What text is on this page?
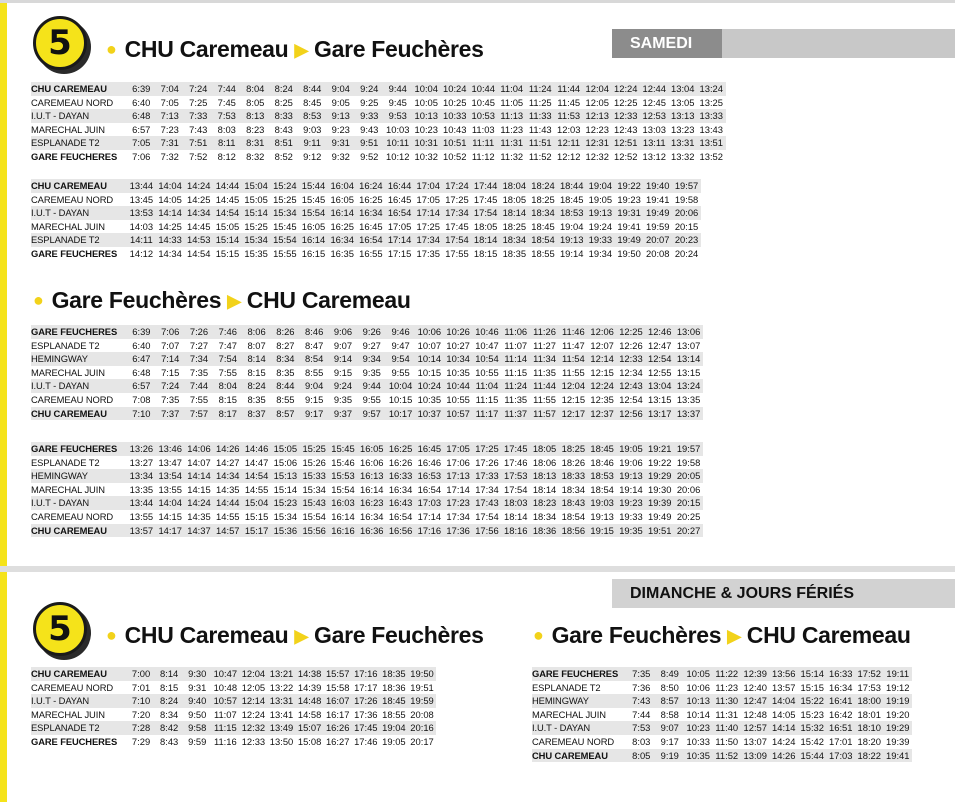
5 ● CHU Caremeau ▶ Gare Feuchères	SAMEDI
CHU CAREMEAU	6:39	7:04	7:24	7:44	8:04	8:24	8:44	9:04	9:24	9:44	10:04	10:24	10:44	11:04	11:24	11:44	12:04	12:24	12:44	13:04	13:24
CAREMEAU NORD	6:40	7:05	7:25	7:45	8:05	8:25	8:45	9:05	9:25	9:45	10:05	10:25	10:45	11:05	11:25	11:45	12:05	12:25	12:45	13:05	13:25
I.U.T - DAYAN	6:48	7:13	7:33	7:53	8:13	8:33	8:53	9:13	9:33	9:53	10:13	10:33	10:53	11:13	11:33	11:53	12:13	12:33	12:53	13:13	13:33
MARECHAL JUIN	6:57	7:23	7:43	8:03	8:23	8:43	9:03	9:23	9:43	10:03	10:23	10:43	11:03	11:23	11:43	12:03	12:23	12:43	13:03	13:23	13:43
ESPLANADE T2	7:05	7:31	7:51	8:11	8:31	8:51	9:11	9:31	9:51	10:11	10:31	10:51	11:11	11:31	11:51	12:11	12:31	12:51	13:11	13:31	13:51
GARE FEUCHERES	7:06	7:32	7:52	8:12	8:32	8:52	9:12	9:32	9:52	10:12	10:32	10:52	11:12	11:32	11:52	12:12	12:32	12:52	13:12	13:32	13:52
CHU CAREMEAU	13:44	14:04	14:24	14:44	15:04	15:24	15:44	16:04	16:24	16:44	17:04	17:24	17:44	18:04	18:24	18:44	19:04	19:22	19:40	19:57
CAREMEAU NORD	13:45	14:05	14:25	14:45	15:05	15:25	15:45	16:05	16:25	16:45	17:05	17:25	17:45	18:05	18:25	18:45	19:05	19:23	19:41	19:58
I.U.T - DAYAN	13:53	14:14	14:34	14:54	15:14	15:34	15:54	16:14	16:34	16:54	17:14	17:34	17:54	18:14	18:34	18:53	19:13	19:31	19:49	20:06
MARECHAL JUIN	14:03	14:25	14:45	15:05	15:25	15:45	16:05	16:25	16:45	17:05	17:25	17:45	18:05	18:25	18:45	19:04	19:24	19:41	19:59	20:15
ESPLANADE T2	14:11	14:33	14:53	15:14	15:34	15:54	16:14	16:34	16:54	17:14	17:34	17:54	18:14	18:34	18:54	19:13	19:33	19:49	20:07	20:23
GARE FEUCHERES	14:12	14:34	14:54	15:15	15:35	15:55	16:15	16:35	16:55	17:15	17:35	17:55	18:15	18:35	18:55	19:14	19:34	19:50	20:08	20:24
● Gare Feuchères ▶ CHU Caremeau
GARE FEUCHERES	6:39	7:06	7:26	7:46	8:06	8:26	8:46	9:06	9:26	9:46	10:06	10:26	10:46	11:06	11:26	11:46	12:06	12:25	12:46	13:06
ESPLANADE T2	6:40	7:07	7:27	7:47	8:07	8:27	8:47	9:07	9:27	9:47	10:07	10:27	10:47	11:07	11:27	11:47	12:07	12:26	12:47	13:07
HEMINGWAY	6:47	7:14	7:34	7:54	8:14	8:34	8:54	9:14	9:34	9:54	10:14	10:34	10:54	11:14	11:34	11:54	12:14	12:33	12:54	13:14
MARECHAL JUIN	6:48	7:15	7:35	7:55	8:15	8:35	8:55	9:15	9:35	9:55	10:15	10:35	10:55	11:15	11:35	11:55	12:15	12:34	12:55	13:15
I.U.T - DAYAN	6:57	7:24	7:44	8:04	8:24	8:44	9:04	9:24	9:44	10:04	10:24	10:44	11:04	11:24	11:44	12:04	12:24	12:43	13:04	13:24
CAREMEAU NORD	7:08	7:35	7:55	8:15	8:35	8:55	9:15	9:35	9:55	10:15	10:35	10:55	11:15	11:35	11:55	12:15	12:35	12:54	13:15	13:35
CHU CAREMEAU	7:10	7:37	7:57	8:17	8:37	8:57	9:17	9:37	9:57	10:17	10:37	10:57	11:17	11:37	11:57	12:17	12:37	12:56	13:17	13:37
GARE FEUCHERES	13:26	13:46	14:06	14:26	14:46	15:05	15:25	15:45	16:05	16:25	16:45	17:05	17:25	17:45	18:05	18:25	18:45	19:05	19:21	19:57
ESPLANADE T2	13:27	13:47	14:07	14:27	14:47	15:06	15:26	15:46	16:06	16:26	16:46	17:06	17:26	17:46	18:06	18:26	18:46	19:06	19:22	19:58
HEMINGWAY	13:34	13:54	14:14	14:34	14:54	15:13	15:33	15:53	16:13	16:33	16:53	17:13	17:33	17:53	18:13	18:33	18:53	19:13	19:29	20:05
MARECHAL JUIN	13:35	13:55	14:15	14:35	14:55	15:14	15:34	15:54	16:14	16:34	16:54	17:14	17:34	17:54	18:14	18:34	18:54	19:14	19:30	20:06
I.U.T - DAYAN	13:44	14:04	14:24	14:44	15:04	15:23	15:43	16:03	16:23	16:43	17:03	17:23	17:43	18:03	18:23	18:43	19:03	19:23	19:39	20:15
CAREMEAU NORD	13:55	14:15	14:35	14:55	15:15	15:34	15:54	16:14	16:34	16:54	17:14	17:34	17:54	18:14	18:34	18:54	19:13	19:33	19:49	20:25
CHU CAREMEAU	13:57	14:17	14:37	14:57	15:17	15:36	15:56	16:16	16:36	16:56	17:16	17:36	17:56	18:16	18:36	18:56	19:15	19:35	19:51	20:27
DIMANCHE & JOURS FÉRIÉS
5 ● CHU Caremeau ▶ Gare Feuchères	● Gare Feuchères ▶ CHU Caremeau
CHU CAREMEAU	7:00	8:14	9:30	10:47	12:04	13:21	14:38	15:57	17:16	18:35	19:50
CAREMEAU NORD	7:01	8:15	9:31	10:48	12:05	13:22	14:39	15:58	17:17	18:36	19:51
I.U.T - DAYAN	7:10	8:24	9:40	10:57	12:14	13:31	14:48	16:07	17:26	18:45	19:59
MARECHAL JUIN	7:20	8:34	9:50	11:07	12:24	13:41	14:58	16:17	17:36	18:55	20:08
ESPLANADE T2	7:28	8:42	9:58	11:15	12:32	13:49	15:07	16:26	17:45	19:04	20:16
GARE FEUCHERES	7:29	8:43	9:59	11:16	12:33	13:50	15:08	16:27	17:46	19:05	20:17
GARE FEUCHERES	7:35	8:49	10:05	11:22	12:39	13:56	15:14	16:33	17:52	19:11
ESPLANADE T2	7:36	8:50	10:06	11:23	12:40	13:57	15:15	16:34	17:53	19:12
HEMINGWAY	7:43	8:57	10:13	11:30	12:47	14:04	15:22	16:41	18:00	19:19
MARECHAL JUIN	7:44	8:58	10:14	11:31	12:48	14:05	15:23	16:42	18:01	19:20
I.U.T - DAYAN	7:53	9:07	10:23	11:40	12:57	14:14	15:32	16:51	18:10	19:29
CAREMEAU NORD	8:03	9:17	10:33	11:50	13:07	14:24	15:42	17:01	18:20	19:39
CHU CAREMEAU	8:05	9:19	10:35	11:52	13:09	14:26	15:44	17:03	18:22	19:41
